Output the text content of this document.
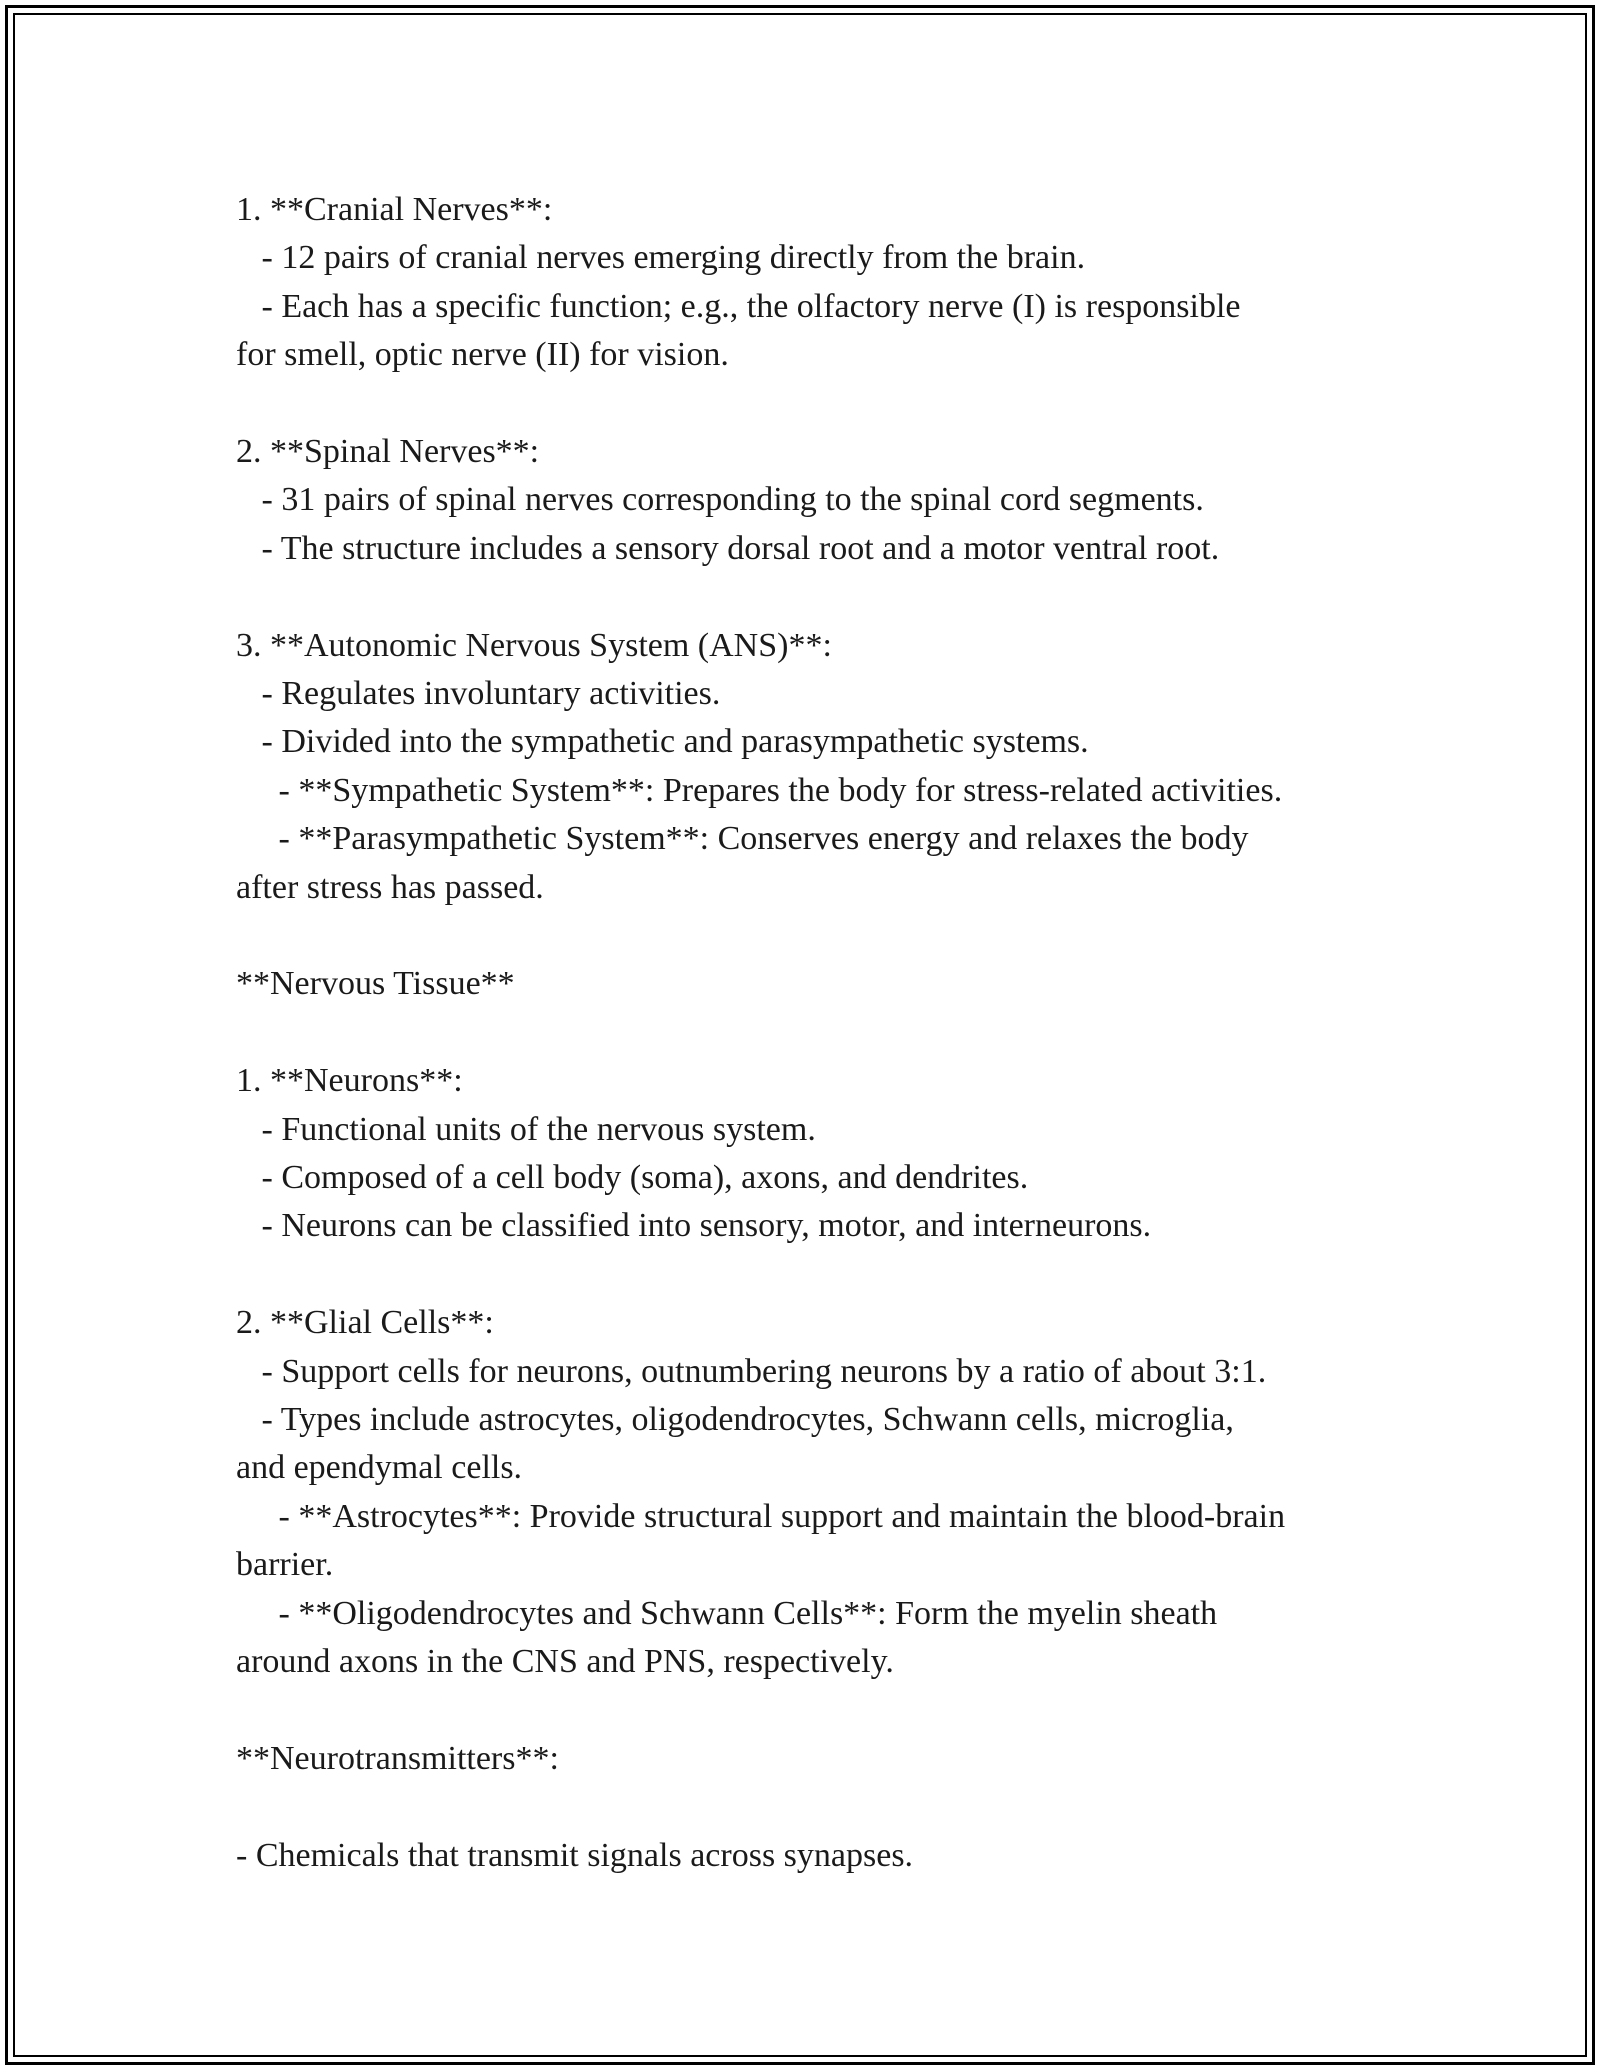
1. **Cranial Nerves**:
- 12 pairs of cranial nerves emerging directly from the brain.
- Each has a specific function; e.g., the olfactory nerve (I) is responsible
for smell, optic nerve (II) for vision.
2. **Spinal Nerves**:
- 31 pairs of spinal nerves corresponding to the spinal cord segments.
- The structure includes a sensory dorsal root and a motor ventral root.
3. **Autonomic Nervous System (ANS)**:
- Regulates involuntary activities.
- Divided into the sympathetic and parasympathetic systems.
- **Sympathetic System**: Prepares the body for stress-related activities.
- **Parasympathetic System**: Conserves energy and relaxes the body
after stress has passed.
**Nervous Tissue**
1. **Neurons**:
- Functional units of the nervous system.
- Composed of a cell body (soma), axons, and dendrites.
- Neurons can be classified into sensory, motor, and interneurons.
2. **Glial Cells**:
- Support cells for neurons, outnumbering neurons by a ratio of about 3:1.
- Types include astrocytes, oligodendrocytes, Schwann cells, microglia,
and ependymal cells.
- **Astrocytes**: Provide structural support and maintain the blood-brain
barrier.
- **Oligodendrocytes and Schwann Cells**: Form the myelin sheath
around axons in the CNS and PNS, respectively.
**Neurotransmitters**:
- Chemicals that transmit signals across synapses.
